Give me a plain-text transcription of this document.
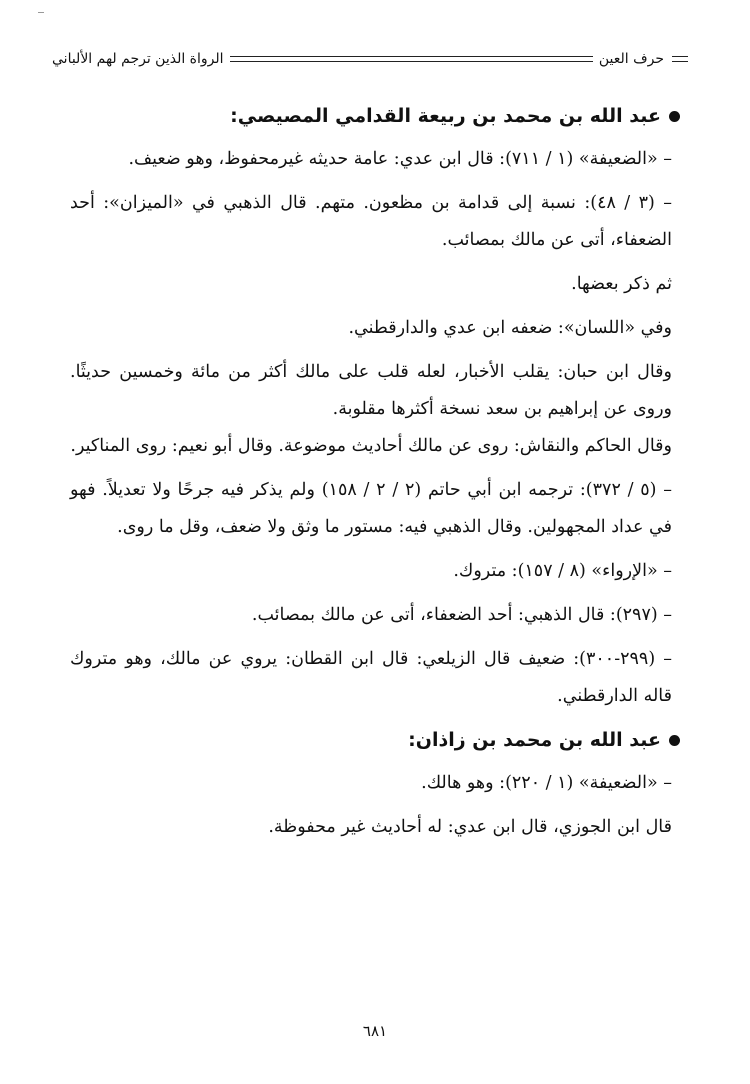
حرف العين
الرواة الذين ترجم لهم الألباني
عبد الله بن محمد بن ربيعة القدامي المصيصي:

– «الضعيفة» (١ / ٧١١): قال ابن عدي: عامة حديثه غيرمحفوظ، وهو ضعيف.

– (٣ / ٤٨): نسبة إلى قدامة بن مظعون. متهم. قال الذهبي في «الميزان»: أحد الضعفاء، أتى عن مالك بمصائب.

ثم ذكر بعضها.

وفي «اللسان»: ضعفه ابن عدي والدارقطني.

وقال ابن حبان: يقلب الأخبار، لعله قلب على مالك أكثر من مائة وخمسين حديثًا. وروى عن إبراهيم بن سعد نسخة أكثرها مقلوبة.

وقال الحاكم والنقاش: روى عن مالك أحاديث موضوعة. وقال أبو نعيم: روى المناكير.

– (٥ / ٣٧٢): ترجمه ابن أبي حاتم (٢ / ٢ / ١٥٨) ولم يذكر فيه جرحًا ولا تعديلاً. فهو في عداد المجهولين. وقال الذهبي فيه: مستور ما وثق ولا ضعف، وقل ما روى.

– «الإرواء» (٨ / ١٥٧): متروك.

– (٢٩٧): قال الذهبي: أحد الضعفاء، أتى عن مالك بمصائب.

– (٢٩٩-٣٠٠): ضعيف قال الزيلعي: قال ابن القطان: يروي عن مالك، وهو متروك قاله الدارقطني.

عبد الله بن محمد بن زاذان:

– «الضعيفة» (١ / ٢٢٠): وهو هالك.

قال ابن الجوزي، قال ابن عدي: له أحاديث غير محفوظة.

٦٨١
